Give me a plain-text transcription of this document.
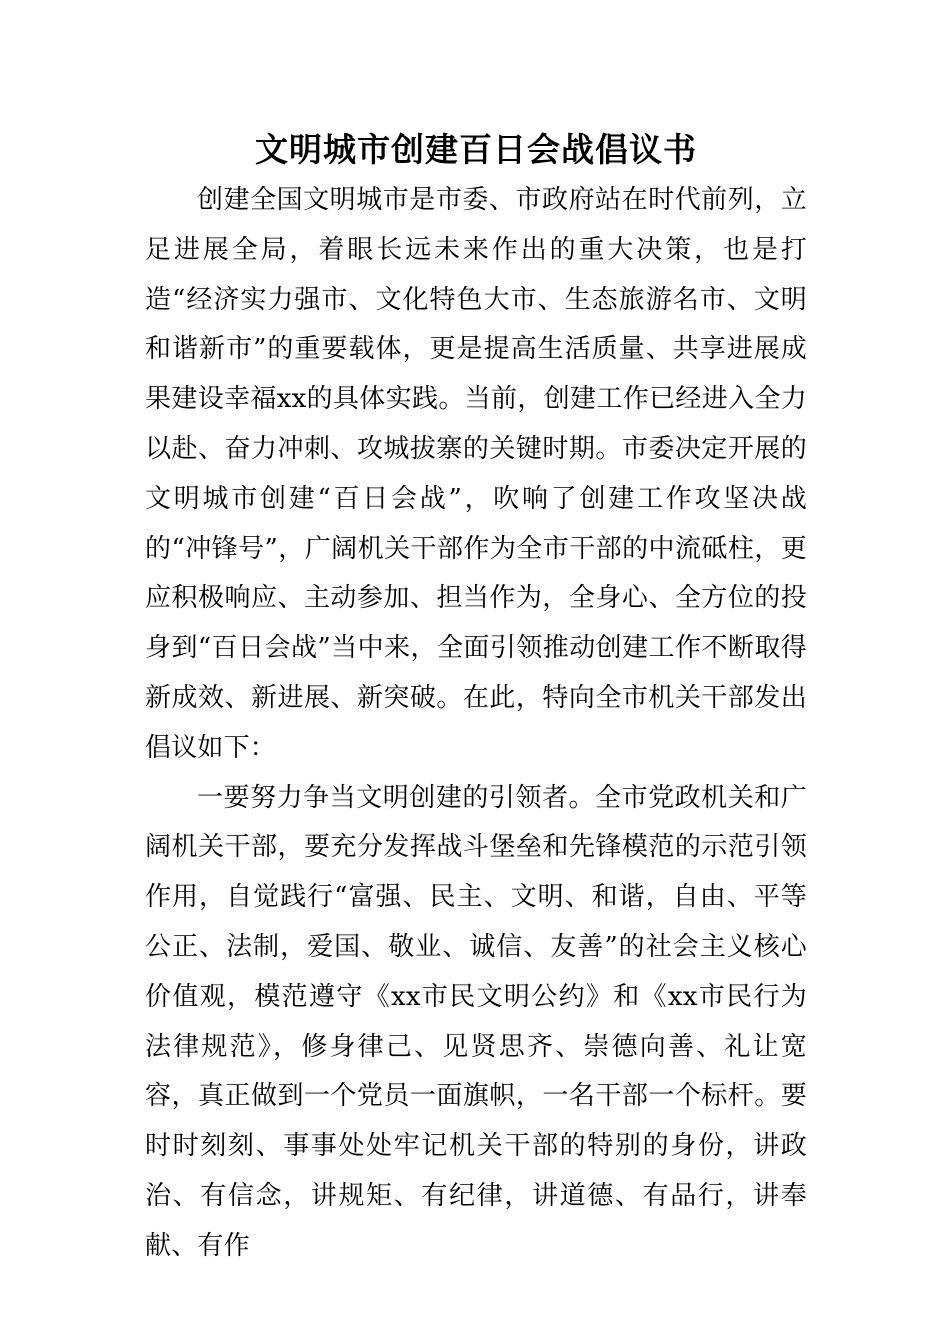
文明城市创建百日会战倡议书

创建全国文明城市是市委、市政府站在时代前列，立足进展全局，着眼长远未来作出的重大决策，也是打造“经济实力强市、文化特色大市、生态旅游名市、文明和谐新市”的重要载体，更是提高生活质量、共享进展成果建设幸福xx的具体实践。当前，创建工作已经进入全力以赴、奋力冲刺、攻城拔寨的关键时期。市委决定开展的文明城市创建“百日会战”，吹响了创建工作攻坚决战的“冲锋号”，广阔机关干部作为全市干部的中流砥柱，更应积极响应、主动参加、担当作为，全身心、全方位的投身到“百日会战”当中来，全面引领推动创建工作不断取得新成效、新进展、新突破。在此，特向全市机关干部发出倡议如下：

一要努力争当文明创建的引领者。全市党政机关和广阔机关干部，要充分发挥战斗堡垒和先锋模范的示范引领作用，自觉践行“富强、民主、文明、和谐，自由、平等公正、法制，爱国、敬业、诚信、友善”的社会主义核心价值观，模范遵守《xx市民文明公约》和《xx市民行为法律规范》，修身律己、见贤思齐、崇德向善、礼让宽容，真正做到一个党员一面旗帜，一名干部一个标杆。要时时刻刻、事事处处牢记机关干部的特别的身份，讲政治、有信念，讲规矩、有纪律，讲道德、有品行，讲奉献、有作
